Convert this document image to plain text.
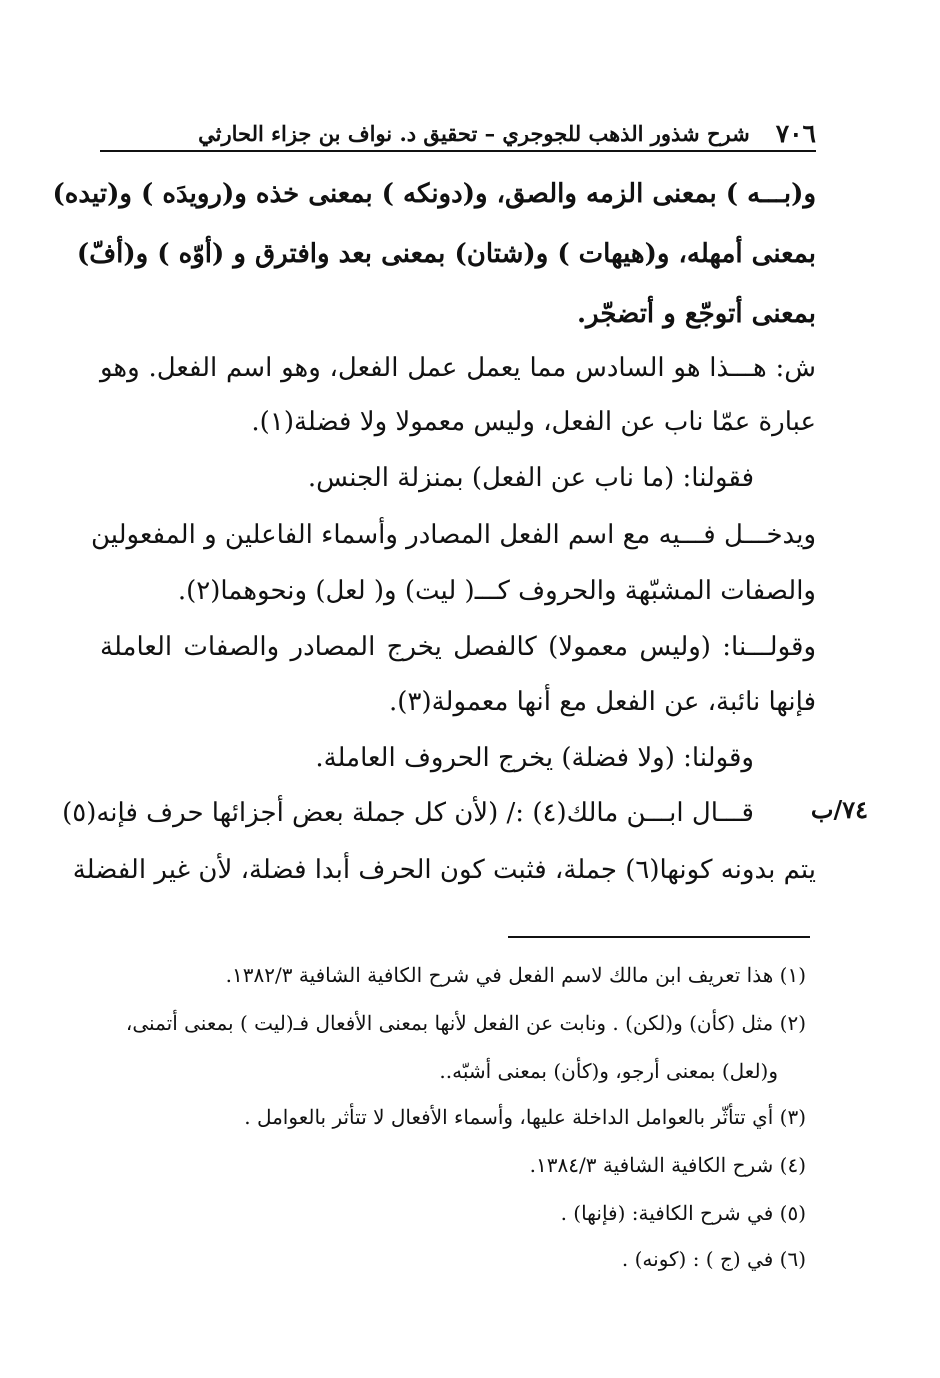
٧٠٦
شرح شذور الذهب للجوجري – تحقيق د. نواف بن جزاء الحارثي
و(بـــه ) بمعنى الزمه والصق، و(دونكه ) بمعنى خذه و(رويدَه ) و(تيده)
بمعنى أمهله، و(هيهات ) و(شتان) بمعنى بعد وافترق و (أوّه ) و(أفّ)
بمعنى أتوجّع و أتضجّر.
ش: هـــذا هو السادس مما يعمل عمل الفعل، وهو اسم الفعل. وهو
عبارة عمّا ناب عن الفعل، وليس معمولا ولا فضلة(١).
فقولنا: (ما ناب عن الفعل) بمنزلة الجنس.
ويدخـــل فـــيه مع اسم الفعل المصادر وأسماء الفاعلين و المفعولين
والصفات المشبّهة والحروف كـــ( ليت) و( لعل) ونحوهما(٢).
وقولـــنا: (وليس معمولا) كالفصل يخرج المصادر والصفات العاملة
فإنها نائبة، عن الفعل مع أنها معمولة(٣).
وقولنا: (ولا فضلة) يخرج الحروف العاملة.
قـــال ابـــن مالك(٤) :/ (لأن كل جملة بعض أجزائها حرف فإنه(٥)
يتم بدونه كونها(٦) جملة، فثبت كون الحرف أبدا فضلة، لأن غير الفضلة
٧٤/ب
(١) هذا تعريف ابن مالك لاسم الفعل في شرح الكافية الشافية ١٣٨٢/٣.
(٢) مثل (كأن) و(لكن) . ونابت عن الفعل لأنها بمعنى الأفعال فـ(ليت ) بمعنى أتمنى،
و(لعل) بمعنى أرجو، و(كأن) بمعنى أشبّه..
(٣) أي تتأثّر بالعوامل الداخلة عليها، وأسماء الأفعال لا تتأثر بالعوامل .
(٤) شرح الكافية الشافية ١٣٨٤/٣.
(٥) في شرح الكافية: (فإنها) .
(٦) في (ج ) : (كونه) .
